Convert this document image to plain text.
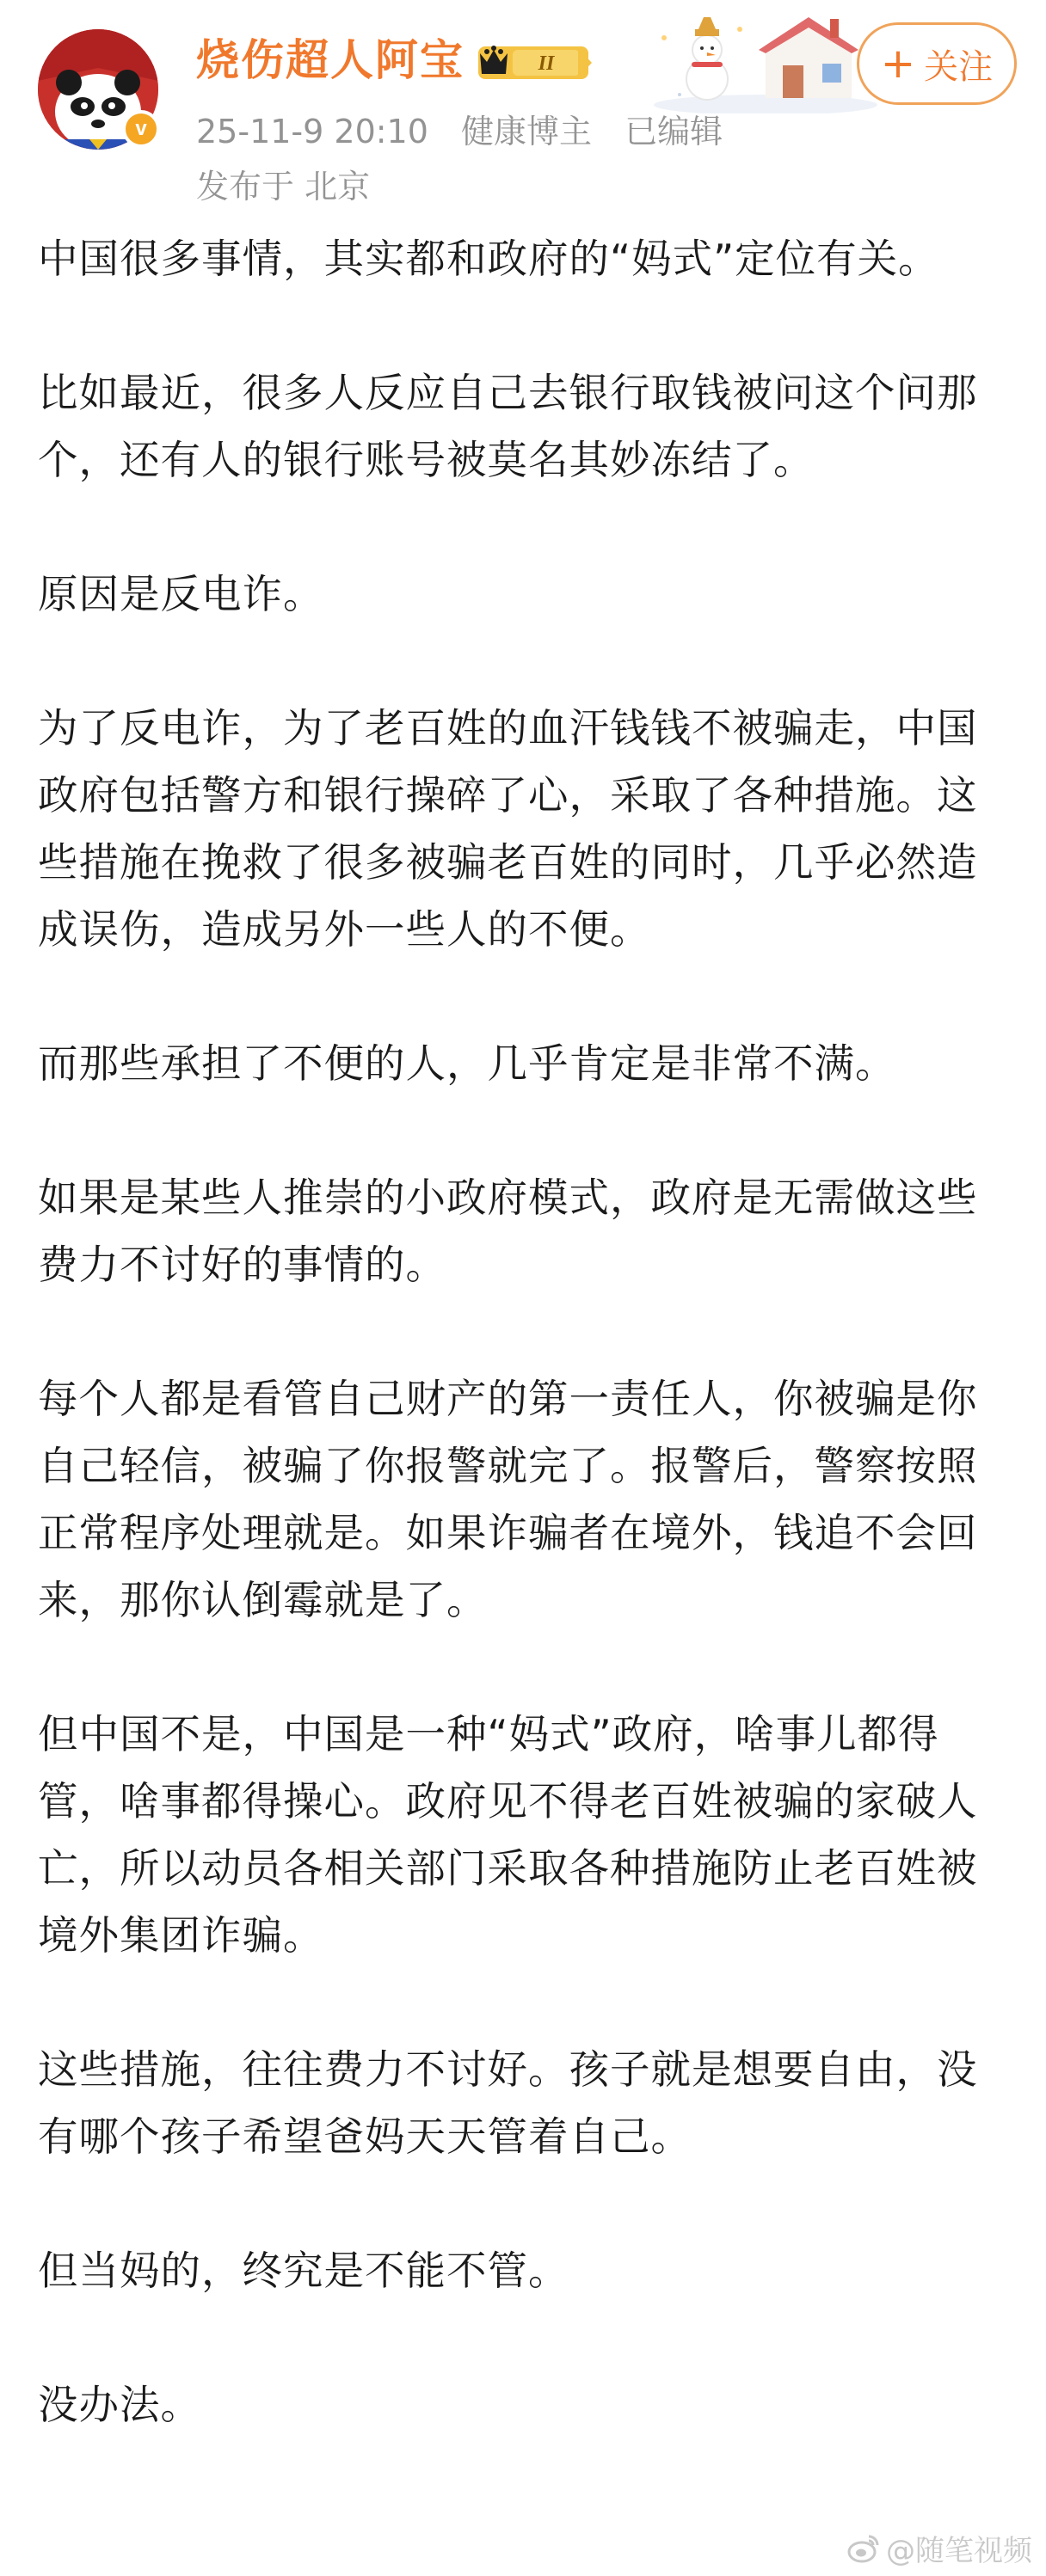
v
烧伤超人阿宝	II	+ 关注
25-11-9 20:10 健康博主 已编辑
发布于 北京

中国很多事情，其实都和政府的“妈式”定位有关。

比如最近，很多人反应自己去银行取钱被问这个问那个，还有人的银行账号被莫名其妙冻结了。

原因是反电诈。

为了反电诈，为了老百姓的血汗钱钱不被骗走，中国政府包括警方和银行操碎了心，采取了各种措施。这些措施在挽救了很多被骗老百姓的同时，几乎必然造成误伤，造成另外一些人的不便。

而那些承担了不便的人，几乎肯定是非常不满。

如果是某些人推崇的小政府模式，政府是无需做这些费力不讨好的事情的。

每个人都是看管自己财产的第一责任人，你被骗是你自己轻信，被骗了你报警就完了。报警后，警察按照正常程序处理就是。如果诈骗者在境外，钱追不会回来，那你认倒霉就是了。

但中国不是，中国是一种“妈式”政府，啥事儿都得管，啥事都得操心。政府见不得老百姓被骗的家破人亡，所以动员各相关部门采取各种措施防止老百姓被境外集团诈骗。

这些措施，往往费力不讨好。孩子就是想要自由，没有哪个孩子希望爸妈天天管着自己。

但当妈的，终究是不能不管。

没办法。

@随笔视频
